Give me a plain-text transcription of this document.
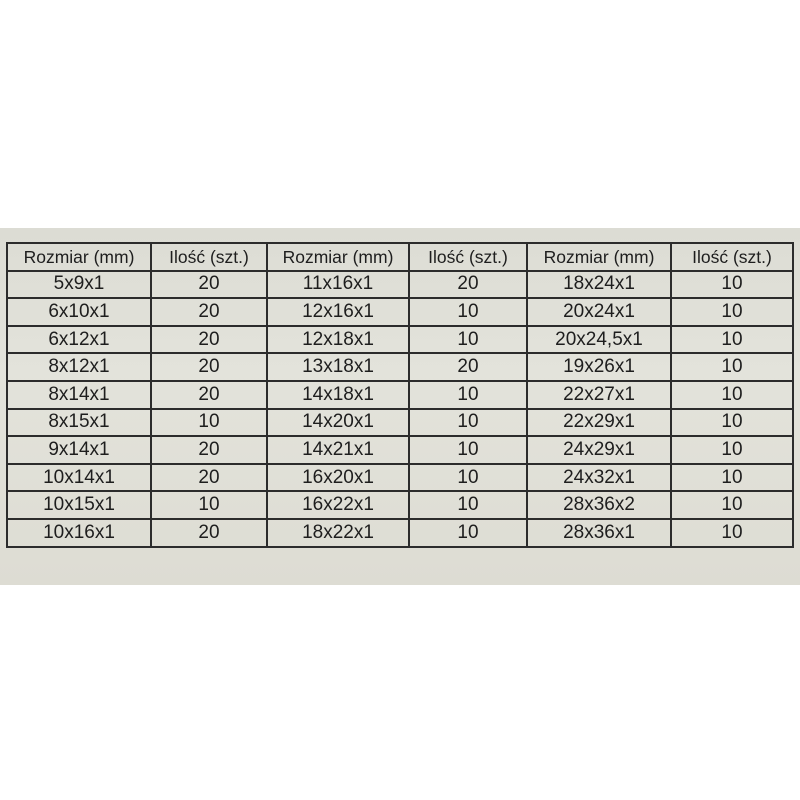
Rozmiar (mm)	Ilość (szt.)	Rozmiar (mm)	Ilość (szt.)	Rozmiar (mm)	Ilość (szt.)
5x9x1	20	11x16x1	20	18x24x1	10
6x10x1	20	12x16x1	10	20x24x1	10
6x12x1	20	12x18x1	10	20x24,5x1	10
8x12x1	20	13x18x1	20	19x26x1	10
8x14x1	20	14x18x1	10	22x27x1	10
8x15x1	10	14x20x1	10	22x29x1	10
9x14x1	20	14x21x1	10	24x29x1	10
10x14x1	20	16x20x1	10	24x32x1	10
10x15x1	10	16x22x1	10	28x36x2	10
10x16x1	20	18x22x1	10	28x36x1	10
